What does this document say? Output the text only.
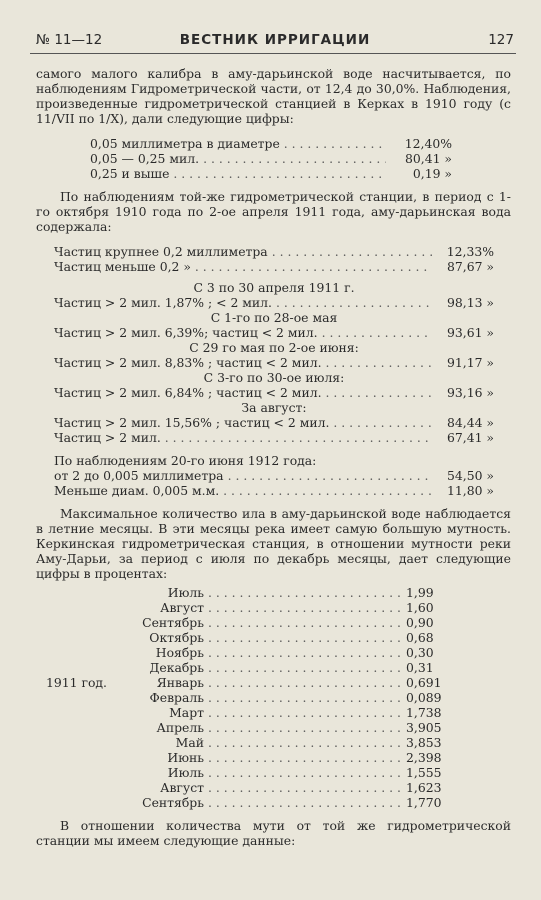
№ 11—12	ВЕСТНИК ИРРИГАЦИИ	127

самого малого калибра в аму-дарьинской воде насчитывается, по наблюдениям Гидрометрической части, от 12,4 до 30,0%. Наблюдения, произведенные гидрометрической станцией в Керках в 1910 году (с 11/VII по 1/X), дали следующие цифры:

0,05 миллиметра в диаметре . . .	12,40%
0,05 — 0,25 мил. . . .	80,41 »
0,25 и выше . . .	0,19 »

По наблюдениям той-же гидрометрической станции, в период с 1-го октября 1910 года по 2-ое апреля 1911 года, аму-дарьинская вода содержала:

Частиц крупнее 0,2 миллиметра . . .	12,33%
Частиц меньше 0,2 » . . .	87,67 »
С 3 по 30 апреля 1911 г.
Частиц > 2 мил. 1,87% ; < 2 мил. . . .	98,13 »
С 1-го по 28-ое мая
Частиц > 2 мил. 6,39%; частиц < 2 мил. . . .	93,61 »
С 29 го мая по 2-ое июня:
Частиц > 2 мил. 8,83% ; частиц < 2 мил. . . .	91,17 »
С 3-го по 30-ое июля:
Частиц > 2 мил. 6,84% ; частиц < 2 мил. . . .	93,16 »
За август:
Частиц > 2 мил. 15,56% ; частиц < 2 мил. . . .	84,44 »
Частиц > 2 мил. . . .	67,41 »
По наблюдениям 20-го июня 1912 года:
от 2 до 0,005 миллиметра . . .	54,50 »
Меньше диам. 0,005 м.м. . . .	11,80 »

Максимальное количество ила в аму-дарьинской воде наблюдается в летние месяцы. В эти месяцы река имеет самую большую мутность. Керкинская гидрометрическая станция, в отношении мутности реки Аму-Дарьи, за период с июля по декабрь месяцы, дает следующие цифры в процентах:

Июль . . .	1,99
Август . . .	1,60
Сентябрь . . .	0,90
Октябрь . . .	0,68
Ноябрь . . .	0,30
Декабрь . . .	0,31
1911 год.	Январь . . .	0,691
Февраль . . .	0,089
Март . . .	1,738
Апрель . . .	3,905
Май . . .	3,853
Июнь . . .	2,398
Июль . . .	1,555
Август . . .	1,623
Сентябрь . . .	1,770

В отношении количества мути от той же гидрометрической станции мы имеем следующие данные:
